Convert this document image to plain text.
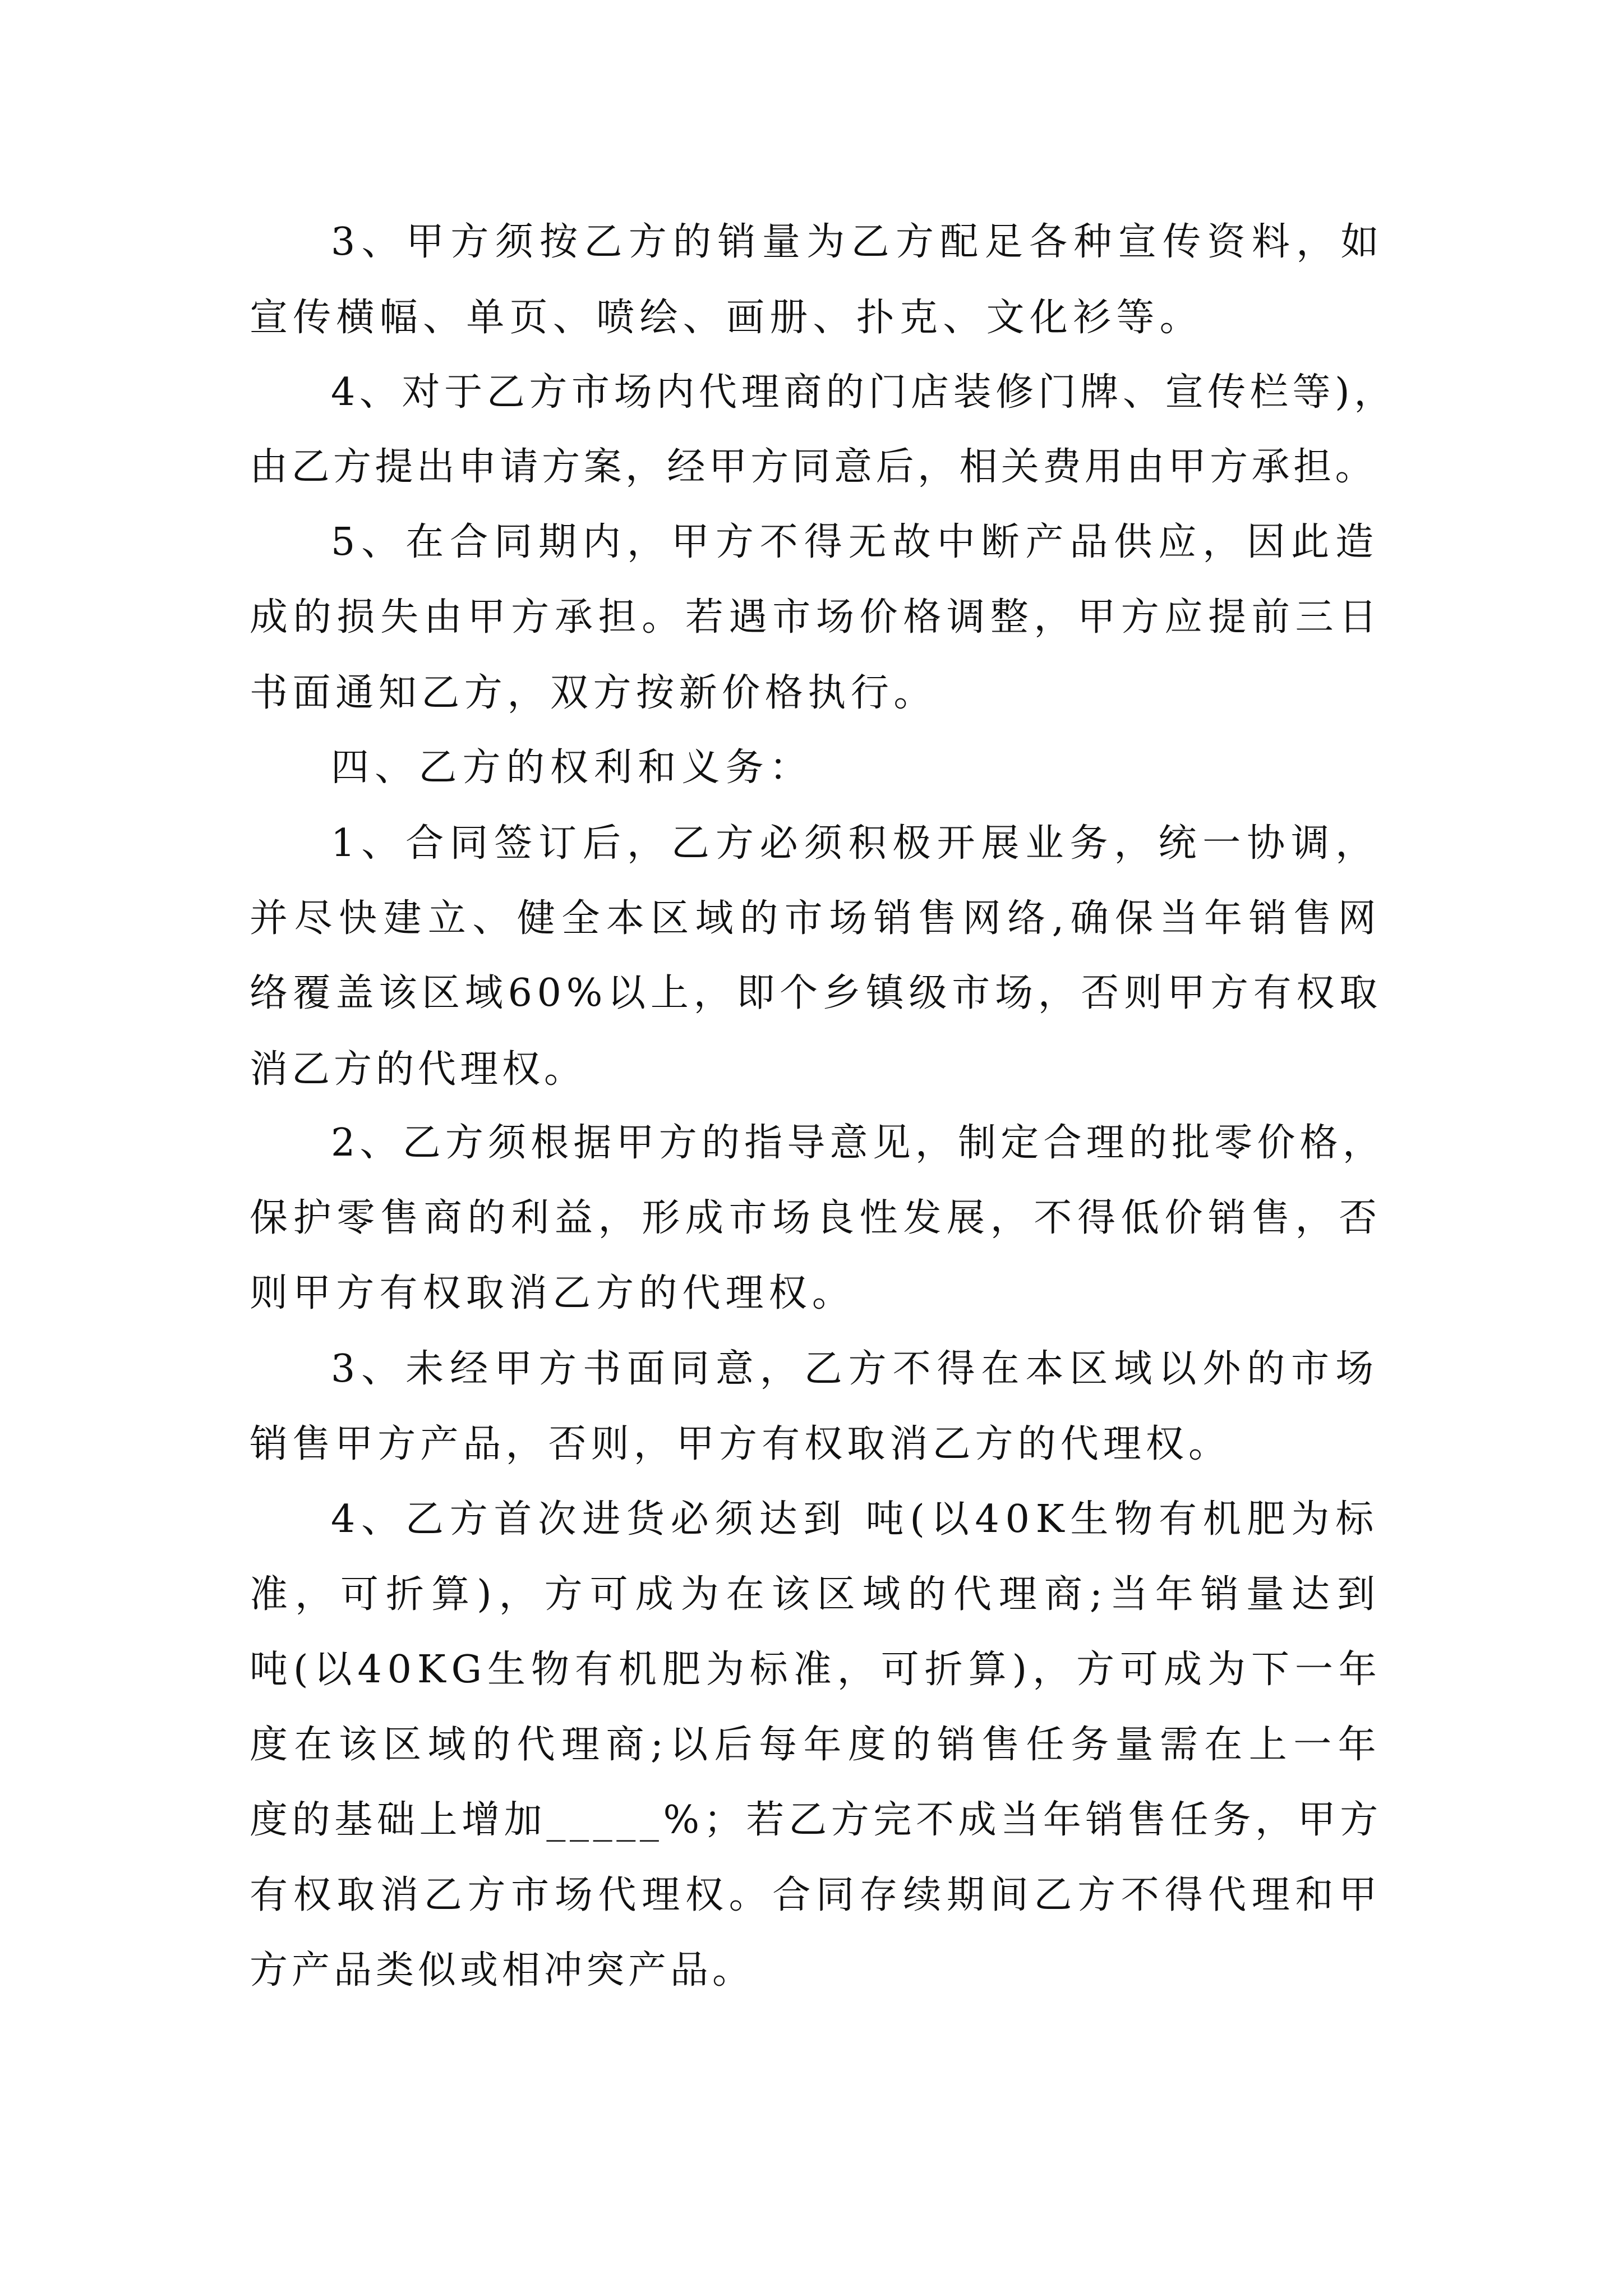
3、甲方须按乙方的销量为乙方配足各种宣传资料，如
宣传横幅、单页、喷绘、画册、扑克、文化衫等。
4、对于乙方市场内代理商的门店装修门牌、宣传栏等)，
由乙方提出申请方案，经甲方同意后，相关费用由甲方承担。
5、在合同期内，甲方不得无故中断产品供应，因此造
成的损失由甲方承担。若遇市场价格调整，甲方应提前三日
书面通知乙方，双方按新价格执行。
四、乙方的权利和义务：
1、合同签订后，乙方必须积极开展业务，统一协调，
并尽快建立、健全本区域的市场销售网络,确保当年销售网
络覆盖该区域60%以上，即个乡镇级市场，否则甲方有权取
消乙方的代理权。
2、乙方须根据甲方的指导意见，制定合理的批零价格，
保护零售商的利益，形成市场良性发展，不得低价销售，否
则甲方有权取消乙方的代理权。
3、未经甲方书面同意，乙方不得在本区域以外的市场
销售甲方产品，否则，甲方有权取消乙方的代理权。
4、乙方首次进货必须达到 吨(以40K生物有机肥为标
准，可折算)，方可成为在该区域的代理商;当年销量达到
吨(以40KG生物有机肥为标准，可折算)，方可成为下一年
度在该区域的代理商;以后每年度的销售任务量需在上一年
度的基础上增加_____%；若乙方完不成当年销售任务，甲方
有权取消乙方市场代理权。合同存续期间乙方不得代理和甲
方产品类似或相冲突产品。
